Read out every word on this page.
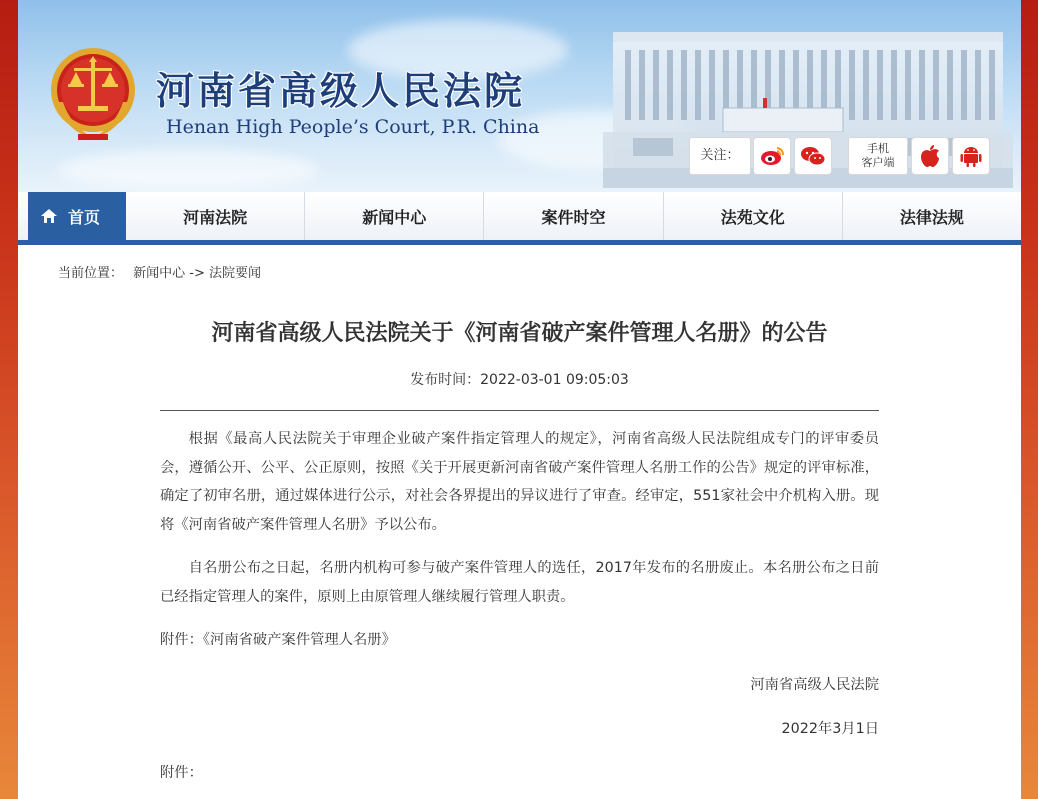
河南省高级人民法院
Henan High People’s Court, P.R. China
关注：	手机
客户端
首页	河南法院	新闻中心	案件时空	法苑文化	法律法规
当前位置： 新闻中心 -> 法院要闻
河南省高级人民法院关于《河南省破产案件管理人名册》的公告
发布时间：2022-03-01 09:05:03

根据《最高人民法院关于审理企业破产案件指定管理人的规定》，河南省高级人民法院组成专门的评审委员会，遵循公开、公平、公正原则，按照《关于开展更新河南省破产案件管理人名册工作的公告》规定的评审标准，确定了初审名册，通过媒体进行公示，对社会各界提出的异议进行了审查。经审定，551家社会中介机构入册。现将《河南省破产案件管理人名册》予以公布。

自名册公布之日起，名册内机构可参与破产案件管理人的选任，2017年发布的名册废止。本名册公布之日前已经指定管理人的案件，原则上由原管理人继续履行管理人职责。

附件：《河南省破产案件管理人名册》
河南省高级人民法院
2022年3月1日
附件：
